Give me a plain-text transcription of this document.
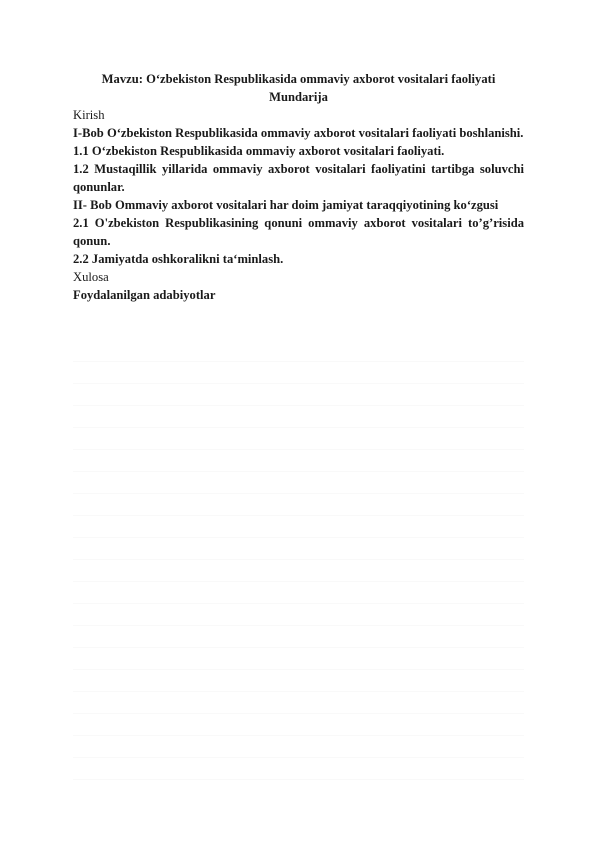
Mavzu: O‘zbekiston Respublikasida ommaviy axborot vositalari faoliyati

Mundarija

Kirish

I-Bob O‘zbekiston Respublikasida ommaviy axborot vositalari faoliyati boshlanishi.

1.1 O‘zbekiston Respublikasida ommaviy axborot vositalari faoliyati.

1.2 Mustaqillik yillarida ommaviy axborot vositalari faoliyatini tartibga soluvchi qonunlar.

II- Bob Ommaviy axborot vositalari har doim jamiyat taraqqiyotining ko‘zgusi

2.1 O'zbekiston Respublikasining qonuni ommaviy axborot vositalari to’g’risida qonun.

2.2 Jamiyatda oshkoralikni ta‘minlash.

Xulosa

Foydalanilgan adabiyotlar
